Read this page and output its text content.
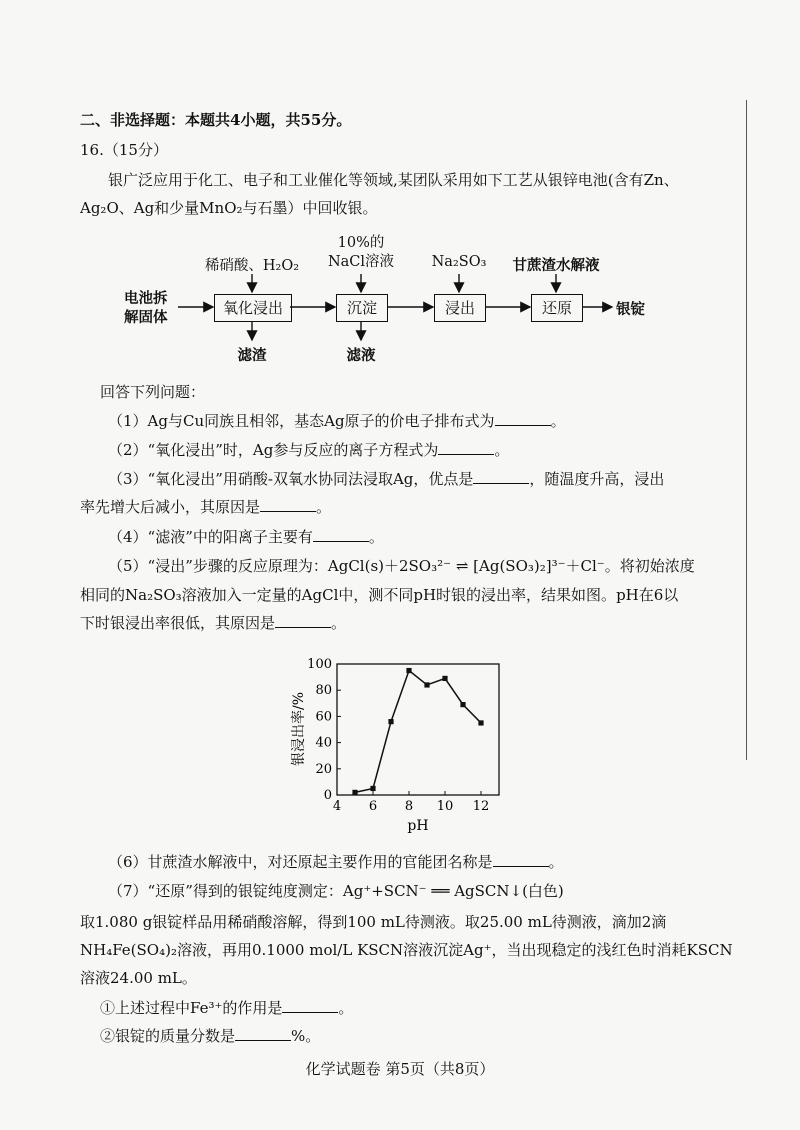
二、非选择题：本题共4小题，共55分。
16.（15分）
银广泛应用于化工、电子和工业催化等领域,某团队采用如下工艺从银锌电池(含有Zn、
Ag₂O、Ag和少量MnO₂与石墨）中回收银。
电池拆
解固体
氧化浸出	沉淀	浸出	还原	银锭
稀硝酸、H₂O₂
10%的
NaCl溶液	Na₂SO₃	甘蔗渣水解液
滤渣	滤液
回答下列问题：
（1）Ag与Cu同族且相邻，基态Ag原子的价电子排布式为	。
（2）“氧化浸出”时，Ag参与反应的离子方程式为	。
（3）“氧化浸出”用硝酸-双氧水协同法浸取Ag，优点是	，随温度升高，浸出
率先增大后减小，其原因是	。
（4）“滤液”中的阳离子主要有	。
（5）“浸出”步骤的反应原理为：AgCl(s)＋2SO₃²⁻ ⇌ [Ag(SO₃)₂]³⁻＋Cl⁻。将初始浓度
相同的Na₂SO₃溶液加入一定量的AgCl中，测不同pH时银的浸出率，结果如图。pH在6以
下时银浸出率很低，其原因是	。
4 6 8 10 12
0
20
40
60
80
100
pH
银浸出率/%
（6）甘蔗渣水解液中，对还原起主要作用的官能团名称是	。
（7）“还原”得到的银锭纯度测定：Ag⁺+SCN⁻ ══ AgSCN↓(白色)
取1.080 g银锭样品用稀硝酸溶解，得到100 mL待测液。取25.00 mL待测液，滴加2滴
NH₄Fe(SO₄)₂溶液，再用0.1000 mol/L KSCN溶液沉淀Ag⁺，当出现稳定的浅红色时消耗KSCN
溶液24.00 mL。
①上述过程中Fe³⁺的作用是	。
②银锭的质量分数是	%。
化学试题卷 第5页（共8页）
